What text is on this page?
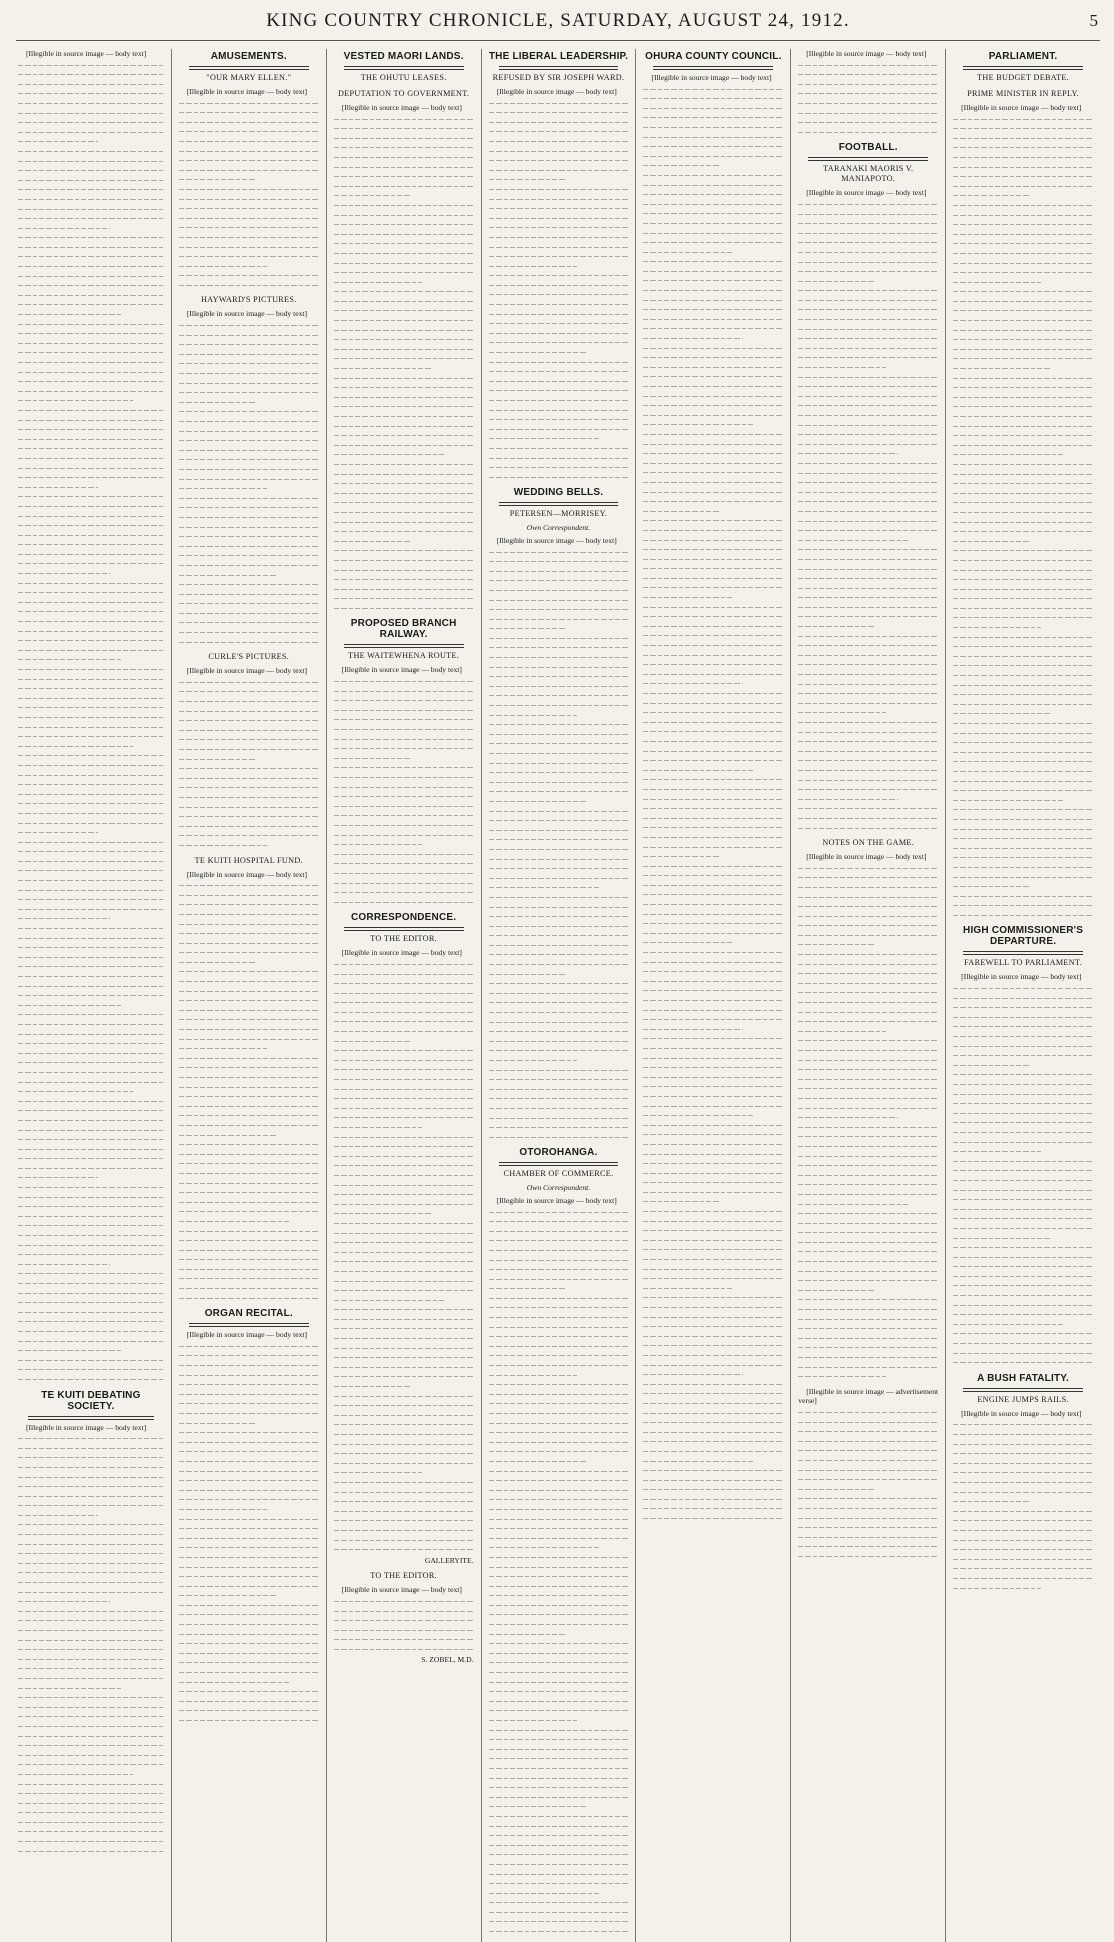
KING COUNTRY CHRONICLE, SATURDAY, AUGUST 24, 1912.	5
[Illegible in source image — body text]
TE KUITI DEBATING SOCIETY.
[Illegible in source image — body text]
AMUSEMENTS.
"OUR MARY ELLEN."
[Illegible in source image — body text]
HAYWARD'S PICTURES.
[Illegible in source image — body text]
CURLE'S PICTURES.
[Illegible in source image — body text]
TE KUITI HOSPITAL FUND.
[Illegible in source image — body text]
ORGAN RECITAL.
[Illegible in source image — body text]
VESTED MAORI LANDS.
THE OHUTU LEASES.
DEPUTATION TO GOVERNMENT.
[Illegible in source image — body text]
PROPOSED BRANCH RAILWAY.
THE WAITEWHENA ROUTE.
[Illegible in source image — body text]
CORRESPONDENCE.
TO THE EDITOR.
[Illegible in source image — body text]
GALLERYITE.
TO THE EDITOR.
[Illegible in source image — body text]
S. ZOBEL, M.D.
THE LIBERAL LEADERSHIP.
REFUSED BY SIR JOSEPH WARD.
[Illegible in source image — body text]
WEDDING BELLS.
PETERSEN—MORRISEY.
Own Correspondent.
[Illegible in source image — body text]
OTOROHANGA.
CHAMBER OF COMMERCE.
Own Correspondent.
[Illegible in source image — body text]
OHURA COUNTY COUNCIL.
[Illegible in source image — body text]
[Illegible in source image — body text]
FOOTBALL.
TARANAKI MAORIS V. MANIAPOTO.
[Illegible in source image — body text]
NOTES ON THE GAME.
[Illegible in source image — body text]
[Illegible in source image — advertisement verse]
PARLIAMENT.
THE BUDGET DEBATE.
PRIME MINISTER IN REPLY.
[Illegible in source image — body text]
HIGH COMMISSIONER'S DEPARTURE.
FAREWELL TO PARLIAMENT.
[Illegible in source image — body text]
A BUSH FATALITY.
ENGINE JUMPS RAILS.
[Illegible in source image — body text]
